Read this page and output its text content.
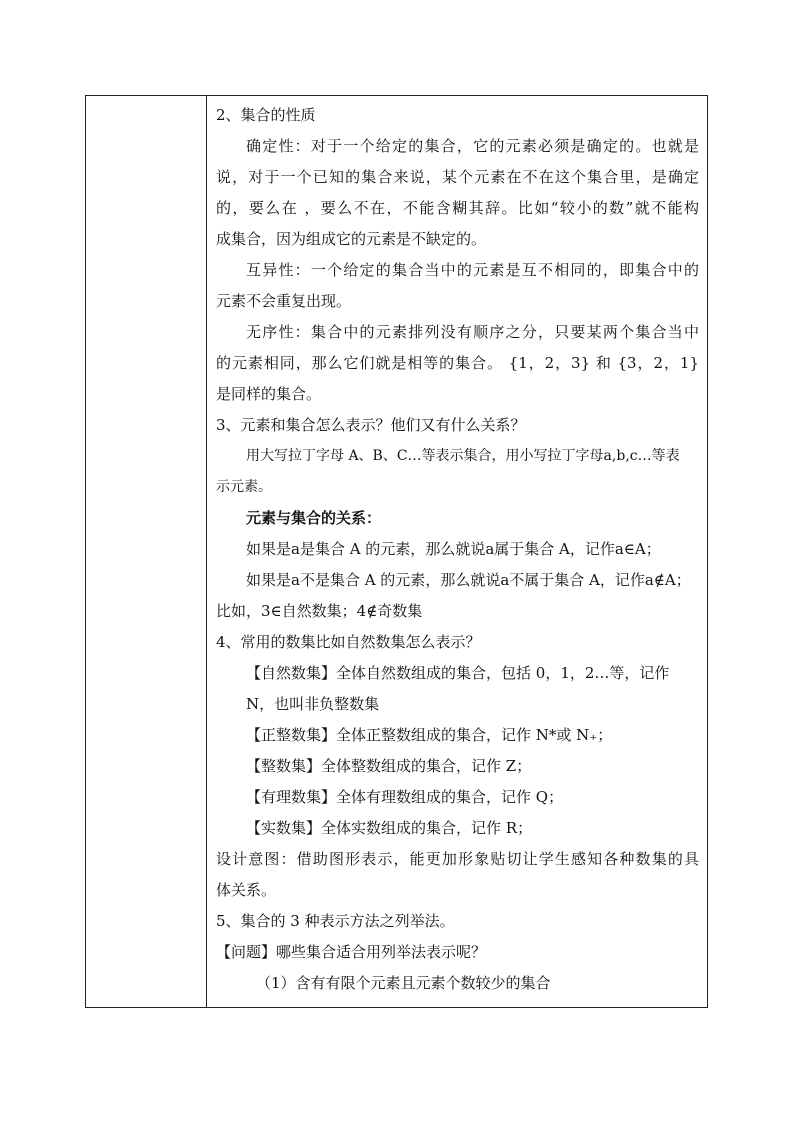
2、集合的性质
确定性：对于一个给定的集合，它的元素必须是确定的。也就是
说，对于一个已知的集合来说，某个元素在不在这个集合里，是确定
的，要么在 ，要么不在，不能含糊其辞。比如“较小的数”就不能构
成集合，因为组成它的元素是不缺定的。
互异性：一个给定的集合当中的元素是互不相同的，即集合中的
元素不会重复出现。
无序性：集合中的元素排列没有顺序之分，只要某两个集合当中
的元素相同，那么它们就是相等的集合。 {1，2，3} 和 {3，2，1}
是同样的集合。
3、元素和集合怎么表示？他们又有什么关系？
用大写拉丁字母 A、B、C…等表示集合，用小写拉丁字母a,b,c…等表
示元素。
元素与集合的关系：
如果是a是集合 A 的元素，那么就说a属于集合 A，记作a∈A；
如果是a不是集合 A 的元素，那么就说a不属于集合 A，记作a∉A；
比如，3∈自然数集；4∉奇数集
4、常用的数集比如自然数集怎么表示？
【自然数集】全体自然数组成的集合，包括 0，1，2…等，记作
N，也叫非负整数集
【正整数集】全体正整数组成的集合，记作 N*或 N₊；
【整数集】全体整数组成的集合，记作 Z；
【有理数集】全体有理数组成的集合，记作 Q；
【实数集】全体实数组成的集合，记作 R；
设计意图：借助图形表示，能更加形象贴切让学生感知各种数集的具
体关系。
5、集合的 3 种表示方法之列举法。
【问题】哪些集合适合用列举法表示呢？
（1）含有有限个元素且元素个数较少的集合
